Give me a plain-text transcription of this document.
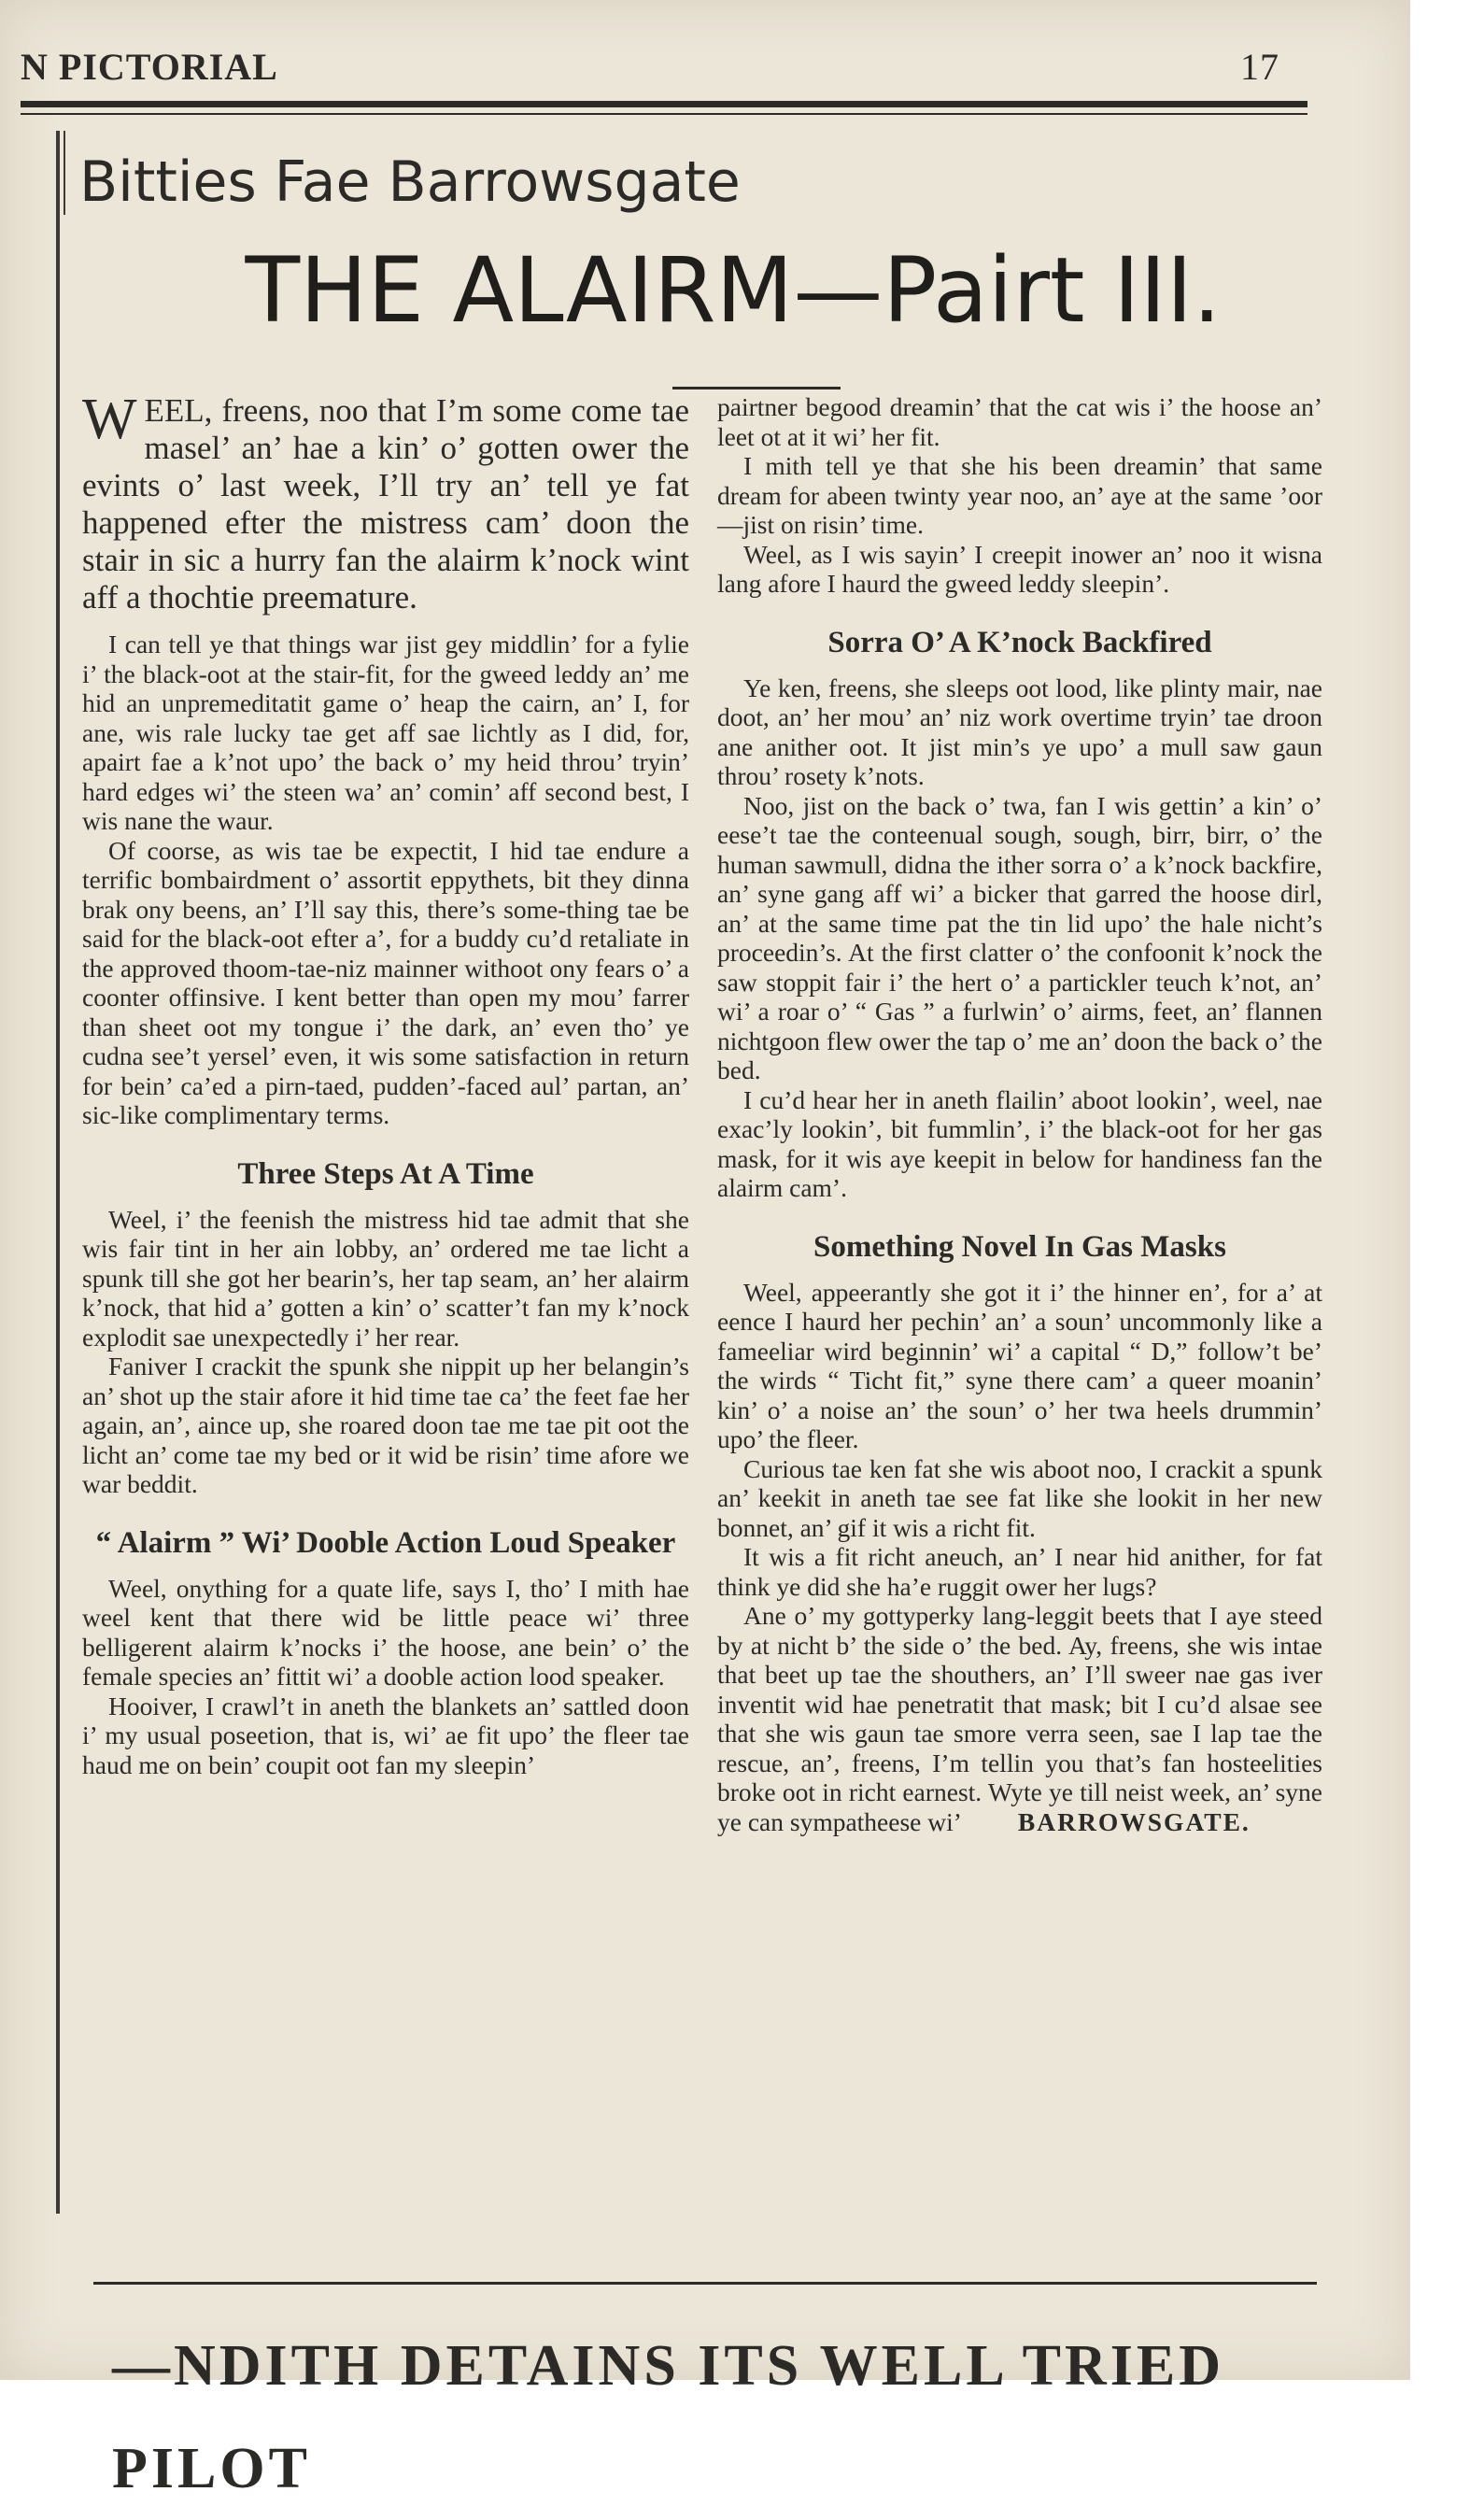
N PICTORIAL	17
Bitties Fae Barrowsgate
THE ALAIRM—Pairt III.

WEEL, freens, noo that I’m some come tae masel’ an’ hae a kin’ o’ gotten ower the evints o’ last week, I’ll try an’ tell ye fat happened efter the mistress cam’ doon the stair in sic a hurry fan the alairm k’nock wint aff a thochtie preemature.

I can tell ye that things war jist gey middlin’ for a fylie i’ the black-oot at the stair-fit, for the gweed leddy an’ me hid an unpremeditatit game o’ heap the cairn, an’ I, for ane, wis rale lucky tae get aff sae lichtly as I did, for, apairt fae a k’not upo’ the back o’ my heid throu’ tryin’ hard edges wi’ the steen wa’ an’ comin’ aff second best, I wis nane the waur.

Of coorse, as wis tae be expectit, I hid tae endure a terrific bombairdment o’ assortit eppythets, bit they dinna brak ony beens, an’ I’ll say this, there’s some-thing tae be said for the black-oot efter a’, for a buddy cu’d retaliate in the approved thoom-tae-niz mainner withoot ony fears o’ a coonter offinsive. I kent better than open my mou’ farrer than sheet oot my tongue i’ the dark, an’ even tho’ ye cudna see’t yersel’ even, it wis some satisfaction in return for bein’ ca’ed a pirn-taed, pudden’-faced aul’ partan, an’ sic-like complimentary terms.

Three Steps At A Time

Weel, i’ the feenish the mistress hid tae admit that she wis fair tint in her ain lobby, an’ ordered me tae licht a spunk till she got her bearin’s, her tap seam, an’ her alairm k’nock, that hid a’ gotten a kin’ o’ scatter’t fan my k’nock explodit sae unexpectedly i’ her rear.

Faniver I crackit the spunk she nippit up her belangin’s an’ shot up the stair afore it hid time tae ca’ the feet fae her again, an’, aince up, she roared doon tae me tae pit oot the licht an’ come tae my bed or it wid be risin’ time afore we war beddit.

“ Alairm ” Wi’ Dooble Action Loud Speaker

Weel, onything for a quate life, says I, tho’ I mith hae weel kent that there wid be little peace wi’ three belligerent alairm k’nocks i’ the hoose, ane bein’ o’ the female species an’ fittit wi’ a dooble action lood speaker.

Hooiver, I crawl’t in aneth the blankets an’ sattled doon i’ my usual poseetion, that is, wi’ ae fit upo’ the fleer tae haud me on bein’ coupit oot fan my sleepin’

pairtner begood dreamin’ that the cat wis i’ the hoose an’ leet ot at it wi’ her fit.

I mith tell ye that she his been dreamin’ that same dream for abeen twinty year noo, an’ aye at the same ’oor—jist on risin’ time.

Weel, as I wis sayin’ I creepit inower an’ noo it wisna lang afore I haurd the gweed leddy sleepin’.

Sorra O’ A K’nock Backfired

Ye ken, freens, she sleeps oot lood, like plinty mair, nae doot, an’ her mou’ an’ niz work overtime tryin’ tae droon ane anither oot. It jist min’s ye upo’ a mull saw gaun throu’ rosety k’nots.

Noo, jist on the back o’ twa, fan I wis gettin’ a kin’ o’ eese’t tae the conteenual sough, sough, birr, birr, o’ the human sawmull, didna the ither sorra o’ a k’nock backfire, an’ syne gang aff wi’ a bicker that garred the hoose dirl, an’ at the same time pat the tin lid upo’ the hale nicht’s proceedin’s. At the first clatter o’ the confoonit k’nock the saw stoppit fair i’ the hert o’ a partickler teuch k’not, an’ wi’ a roar o’ “ Gas ” a furlwin’ o’ airms, feet, an’ flannen nichtgoon flew ower the tap o’ me an’ doon the back o’ the bed.

I cu’d hear her in aneth flailin’ aboot lookin’, weel, nae exac’ly lookin’, bit fummlin’, i’ the black-oot for her gas mask, for it wis aye keepit in below for handiness fan the alairm cam’.

Something Novel In Gas Masks

Weel, appeerantly she got it i’ the hinner en’, for a’ at eence I haurd her pechin’ an’ a soun’ uncommonly like a fameeliar wird beginnin’ wi’ a capital “ D,” follow’t be’ the wirds “ Ticht fit,” syne there cam’ a queer moanin’ kin’ o’ a noise an’ the soun’ o’ her twa heels drummin’ upo’ the fleer.

Curious tae ken fat she wis aboot noo, I crackit a spunk an’ keekit in aneth tae see fat like she lookit in her new bonnet, an’ gif it wis a richt fit.

It wis a fit richt aneuch, an’ I near hid anither, for fat think ye did she ha’e ruggit ower her lugs?

Ane o’ my gottyperky lang-leggit beets that I aye steed by at nicht b’ the side o’ the bed. Ay, freens, she wis intae that beet up tae the shouthers, an’ I’ll sweer nae gas iver inventit wid hae penetratit that mask; bit I cu’d alsae see that she wis gaun tae smore verra seen, sae I lap tae the rescue, an’, freens, I’m tellin you that’s fan hosteelities broke oot in richt earnest. Wyte ye till neist week, an’ syne ye can sympatheese wi’ BARROWSGATE.

—NDITH DETAINS ITS WELL TRIED PILOT
